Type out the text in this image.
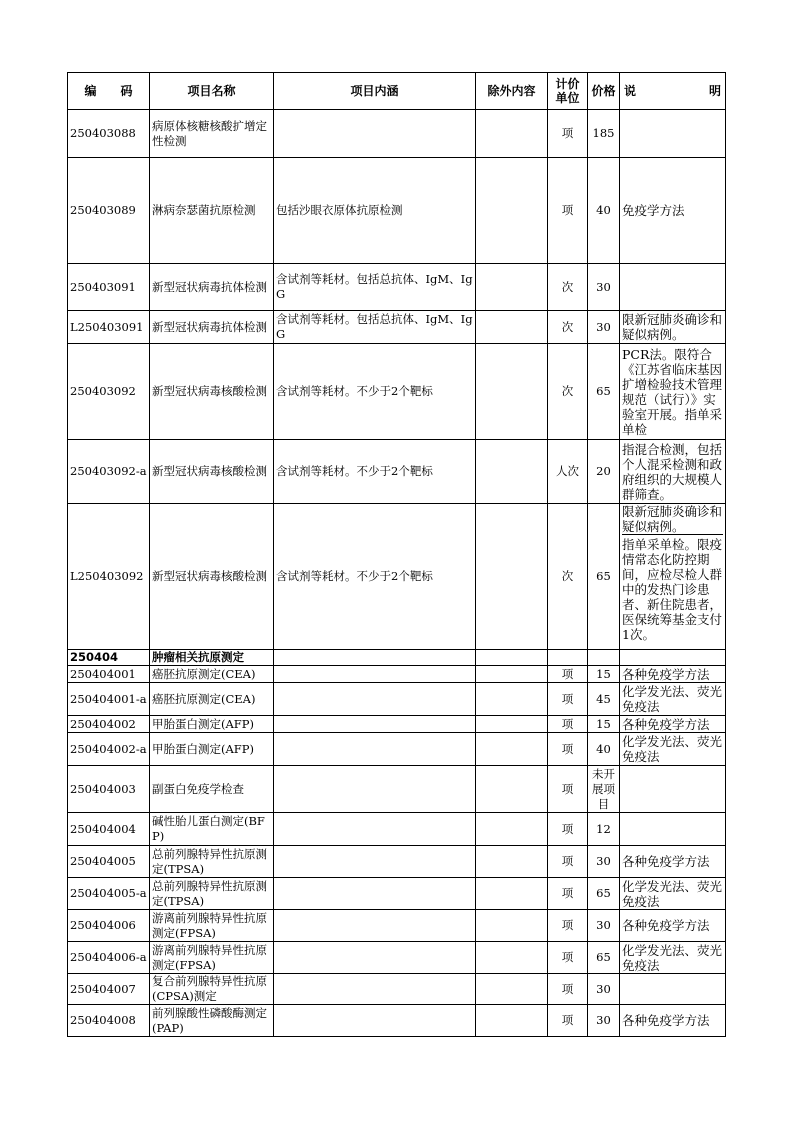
编 码	项目名称	项目内涵	除外内容	计价单位	价格	说 明

250403088	病原体核糖核酸扩增定性检测			项	185	

250403089	淋病奈瑟菌抗原检测	包括沙眼衣原体抗原检测		项	40	免疫学方法

250403091	新型冠状病毒抗体检测	含试剂等耗材。包括总抗体、IgM、IgG		次	30	

L250403091	新型冠状病毒抗体检测	含试剂等耗材。包括总抗体、IgM、IgG		次	30	限新冠肺炎确诊和疑似病例。

250403092	新型冠状病毒核酸检测	含试剂等耗材。不少于2个靶标		次	65	PCR法。限符合《江苏省临床基因扩增检验技术管理规范（试行）》实验室开展。指单采单检

250403092-a	新型冠状病毒核酸检测	含试剂等耗材。不少于2个靶标		人次	20	指混合检测，包括个人混采检测和政府组织的大规模人群筛查。

L250403092	新型冠状病毒核酸检测	含试剂等耗材。不少于2个靶标		次	65	限新冠肺炎确诊和疑似病例。
指单采单检。限疫情常态化防控期间，应检尽检人群中的发热门诊患者、新住院患者，医保统筹基金支付1次。

250404	肿瘤相关抗原测定					

250404001	癌胚抗原测定(CEA)			项	15	各种免疫学方法

250404001-a	癌胚抗原测定(CEA)			项	45	化学发光法、荧光免疫法

250404002	甲胎蛋白测定(AFP)			项	15	各种免疫学方法

250404002-a	甲胎蛋白测定(AFP)			项	40	化学发光法、荧光免疫法

250404003	副蛋白免疫学检查			项	未开展项目	

250404004	碱性胎儿蛋白测定(BFP)			项	12	

250404005	总前列腺特异性抗原测定(TPSA)			项	30	各种免疫学方法

250404005-a	总前列腺特异性抗原测定(TPSA)			项	65	化学发光法、荧光免疫法

250404006	游离前列腺特异性抗原测定(FPSA)			项	30	各种免疫学方法

250404006-a	游离前列腺特异性抗原测定(FPSA)			项	65	化学发光法、荧光免疫法

250404007	复合前列腺特异性抗原(CPSA)测定			项	30	

250404008	前列腺酸性磷酸酶测定(PAP)			项	30	各种免疫学方法
